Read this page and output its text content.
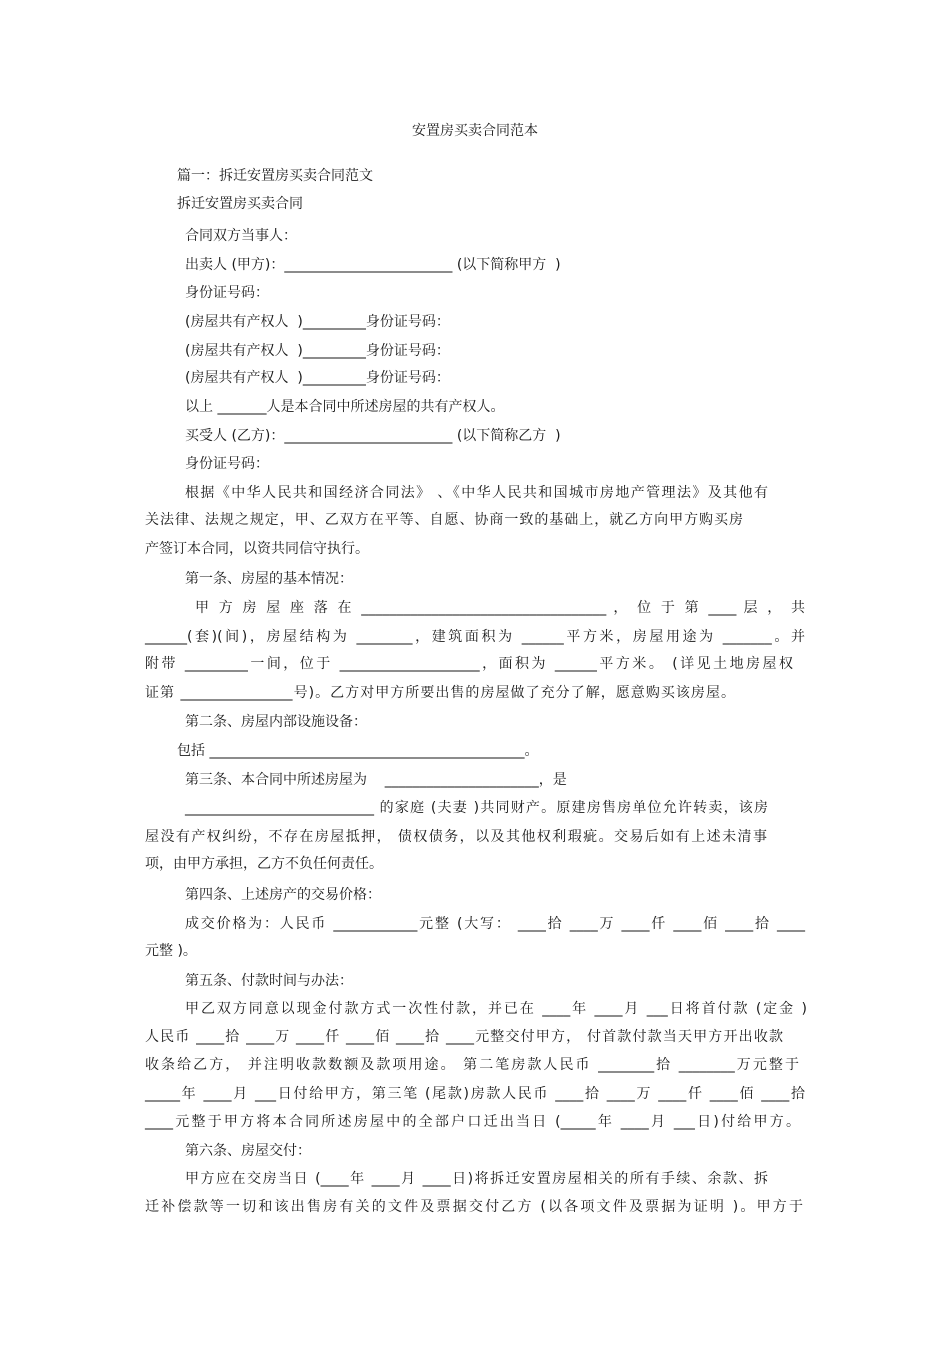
安置房买卖合同范本
篇一：拆迁安置房买卖合同范文
拆迁安置房买卖合同
合同双方当事人：
出卖人 (甲方)：________________________ (以下简称甲方  )
身份证号码：
(房屋共有产权人  )_________身份证号码：
(房屋共有产权人  )_________身份证号码：
(房屋共有产权人  )_________身份证号码：
以上 _______人是本合同中所述房屋的共有产权人。
买受人 (乙方)：________________________ (以下简称乙方  )
身份证号码：
根据《中华人民共和国经济合同法》 、《中华人民共和国城市房地产管理法》及其他有
关法律、法规之规定，甲、乙双方在平等、自愿、协商一致的基础上，就乙方向甲方购买房
产签订本合同，以资共同信守执行。
第一条、房屋的基本情况：
甲 方 房 屋 座 落 在 ___________________________________ ， 位 于 第 ____ 层 ， 共
______(套)(间)，房屋结构为 ________，建筑面积为 ______平方米，房屋用途为 _______。并
附带 _________一间，位于 ____________________，面积为 ______平方米。 (详见土地房屋权
证第 ________________号)。乙方对甲方所要出售的房屋做了充分了解，愿意购买该房屋。
第二条、房屋内部设施设备：
包括 _____________________________________________。
第三条、本合同中所述房屋为    ______________________，是
___________________________ 的家庭 (夫妻 )共同财产。原建房售房单位允许转卖，该房
屋没有产权纠纷，不存在房屋抵押， 债权债务，以及其他权利瑕疵。交易后如有上述未清事
项，由甲方承担，乙方不负任何责任。
第四条、上述房产的交易价格：
成交价格为：人民币 ____________元整 (大写： ____拾 ____万 ____仟 ____佰 ____拾 ____
元整 )。
第五条、付款时间与办法：
甲乙双方同意以现金付款方式一次性付款，并已在 ____年 ____月 ___日将首付款 (定金 )
人民币 ____拾 ____万 ____仟 ____佰 ____拾 ____元整交付甲方， 付首款付款当天甲方开出收款
收条给乙方， 并注明收款数额及款项用途。 第二笔房款人民币 ________拾 ________万元整于
_____年 ____月 ___日付给甲方，第三笔 (尾款)房款人民币 ____拾 ____万 ____仟 ____佰 ____拾
____元整于甲方将本合同所述房屋中的全部户口迁出当日 (_____年 ____月 ___日)付给甲方。
第六条、房屋交付：
甲方应在交房当日 (____年 ____月 ____日)将拆迁安置房屋相关的所有手续、余款、拆
迁补偿款等一切和该出售房有关的文件及票据交付乙方 (以各项文件及票据为证明 )。甲方于
